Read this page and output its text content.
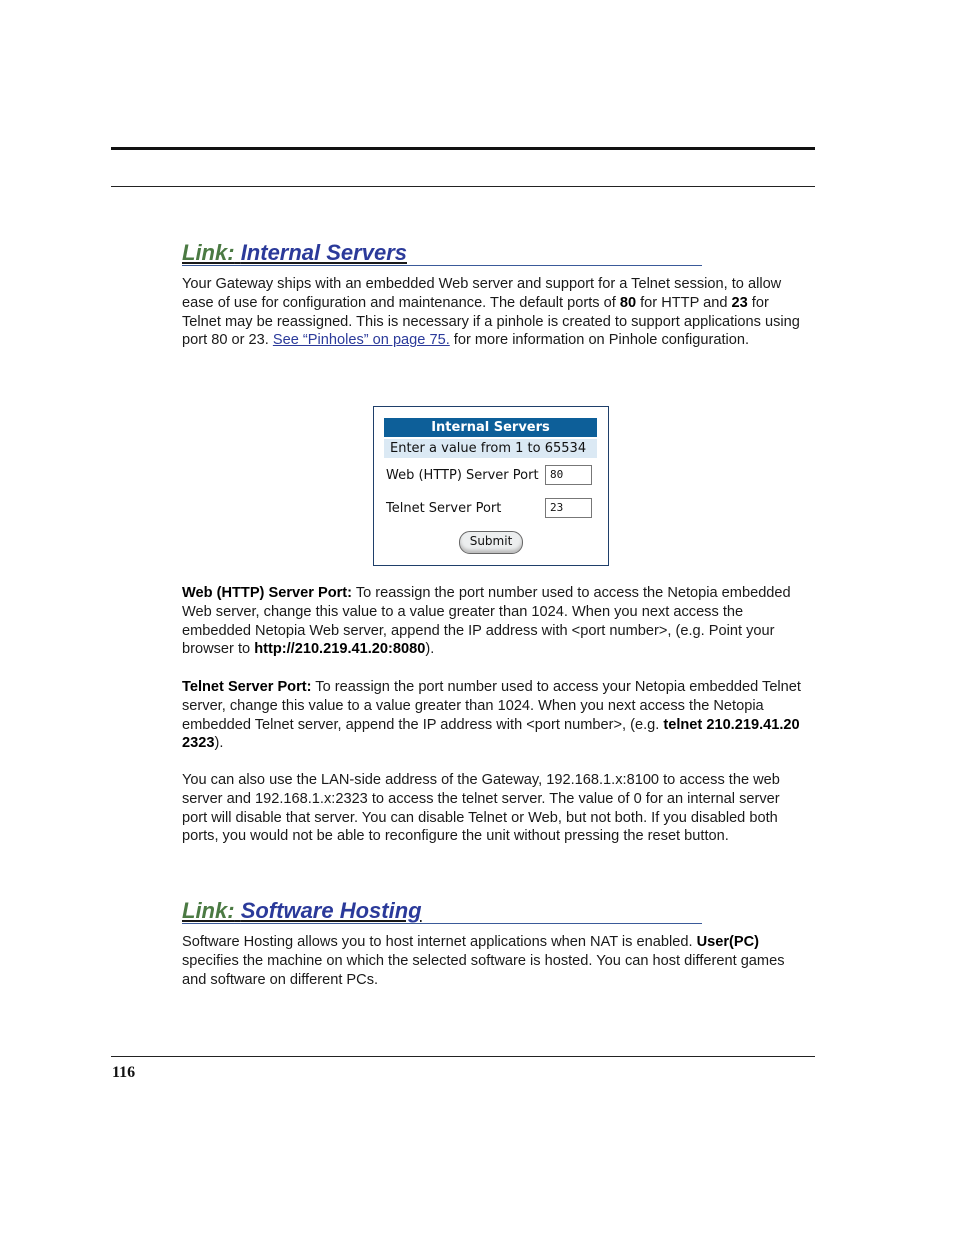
Link: Internal Servers

Your Gateway ships with an embedded Web server and support for a Telnet session, to allow ease of use for configuration and maintenance. The default ports of 80 for HTTP and 23 for Telnet may be reassigned. This is necessary if a pinhole is created to support applications using port 80 or 23. See “Pinholes” on page 75. for more information on Pinhole configuration.

Internal Servers
Enter a value from 1 to 65534
Web (HTTP) Server Port	80
Telnet Server Port	23
Submit

Web (HTTP) Server Port: To reassign the port number used to access the Netopia embedded Web server, change this value to a value greater than 1024. When you next access the embedded Netopia Web server, append the IP address with <port number>, (e.g. Point your browser to http://210.219.41.20:8080).

Telnet Server Port: To reassign the port number used to access your Netopia embedded Telnet server, change this value to a value greater than 1024. When you next access the Netopia embedded Telnet server, append the IP address with <port number>, (e.g. telnet 210.219.41.20 2323).

You can also use the LAN-side address of the Gateway, 192.168.1.x:8100 to access the web server and 192.168.1.x:2323 to access the telnet server. The value of 0 for an internal server port will disable that server. You can disable Telnet or Web, but not both. If you disabled both ports, you would not be able to reconfigure the unit without pressing the reset button.

Link: Software Hosting

Software Hosting allows you to host internet applications when NAT is enabled. User(PC) specifies the machine on which the selected software is hosted. You can host different games and software on different PCs.

116
